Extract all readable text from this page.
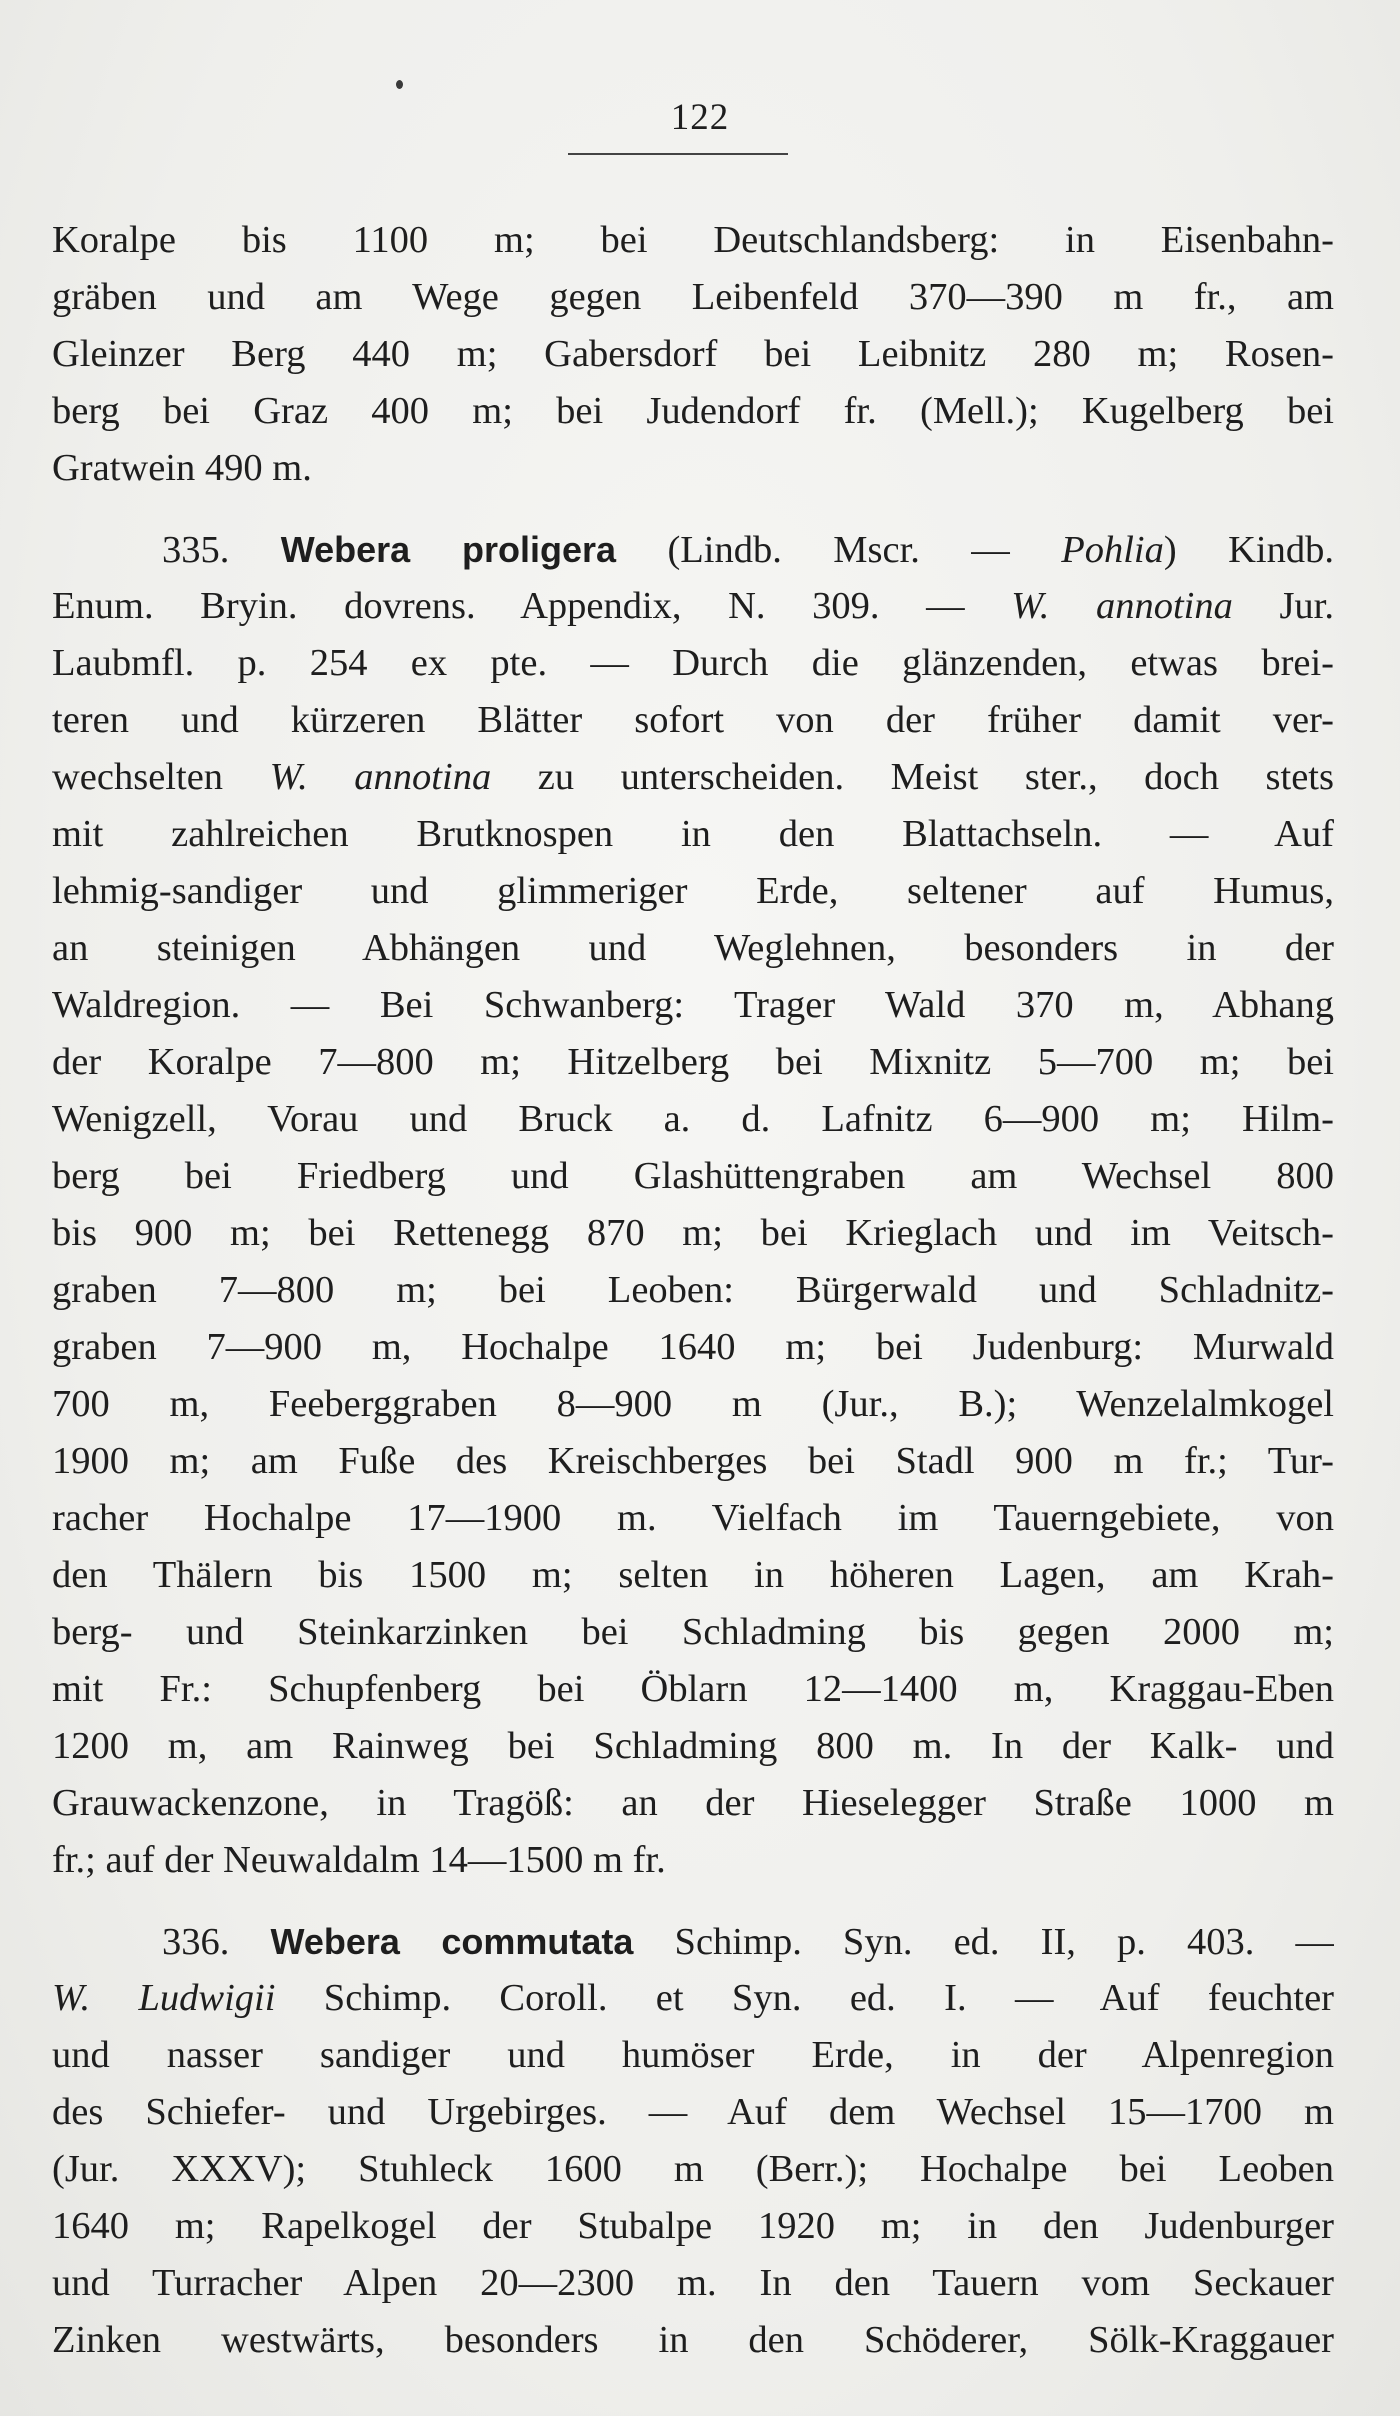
122
Koralpe bis 1100 m; bei Deutschlandsberg: in Eisenbahn-
gräben und am Wege gegen Leibenfeld 370—390 m fr., am
Gleinzer Berg 440 m; Gabersdorf bei Leibnitz 280 m; Rosen-
berg bei Graz 400 m; bei Judendorf fr. (Mell.); Kugelberg bei
Gratwein 490 m.
335. Webera proligera (Lindb. Mscr. — Pohlia) Kindb.
Enum. Bryin. dovrens. Appendix, N. 309. — W. annotina Jur.
Laubmfl. p. 254 ex pte. — Durch die glänzenden, etwas brei-
teren und kürzeren Blätter sofort von der früher damit ver-
wechselten W. annotina zu unterscheiden. Meist ster., doch stets
mit zahlreichen Brutknospen in den Blattachseln. — Auf
lehmig-sandiger und glimmeriger Erde, seltener auf Humus,
an steinigen Abhängen und Weglehnen, besonders in der
Waldregion. — Bei Schwanberg: Trager Wald 370 m, Abhang
der Koralpe 7—800 m; Hitzelberg bei Mixnitz 5—700 m; bei
Wenigzell, Vorau und Bruck a. d. Lafnitz 6—900 m; Hilm-
berg bei Friedberg und Glashüttengraben am Wechsel 800
bis 900 m; bei Rettenegg 870 m; bei Krieglach und im Veitsch-
graben 7—800 m; bei Leoben: Bürgerwald und Schladnitz-
graben 7—900 m, Hochalpe 1640 m; bei Judenburg: Murwald
700 m, Feeberggraben 8—900 m (Jur., B.); Wenzelalmkogel
1900 m; am Fuße des Kreischberges bei Stadl 900 m fr.; Tur-
racher Hochalpe 17—1900 m. Vielfach im Tauerngebiete, von
den Thälern bis 1500 m; selten in höheren Lagen, am Krah-
berg- und Steinkarzinken bei Schladming bis gegen 2000 m;
mit Fr.: Schupfenberg bei Öblarn 12—1400 m, Kraggau-Eben
1200 m, am Rainweg bei Schladming 800 m. In der Kalk- und
Grauwackenzone, in Tragöß: an der Hieselegger Straße 1000 m
fr.; auf der Neuwaldalm 14—1500 m fr.
336. Webera commutata Schimp. Syn. ed. II, p. 403. —
W. Ludwigii Schimp. Coroll. et Syn. ed. I. — Auf feuchter
und nasser sandiger und humöser Erde, in der Alpenregion
des Schiefer- und Urgebirges. — Auf dem Wechsel 15—1700 m
(Jur. XXXV); Stuhleck 1600 m (Berr.); Hochalpe bei Leoben
1640 m; Rapelkogel der Stubalpe 1920 m; in den Judenburger
und Turracher Alpen 20—2300 m. In den Tauern vom Seckauer
Zinken westwärts, besonders in den Schöderer, Sölk-Kraggauer
